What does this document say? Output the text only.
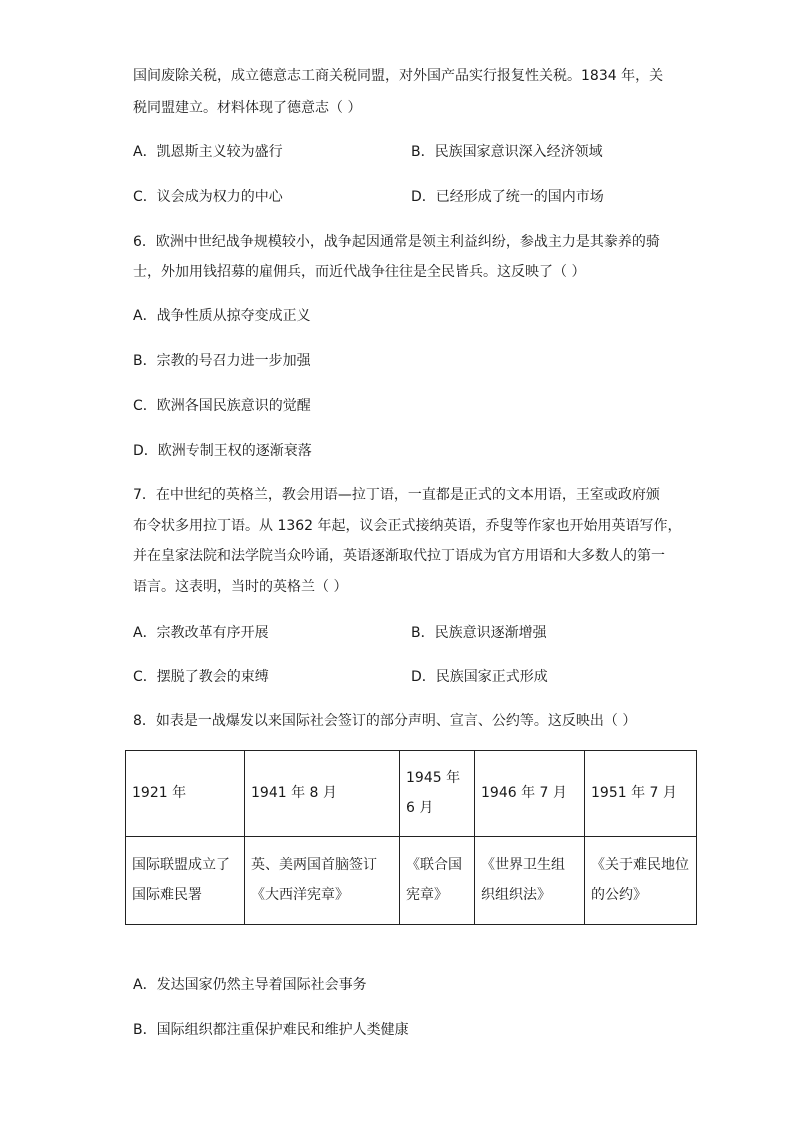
国间废除关税，成立德意志工商关税同盟，对外国产品实行报复性关税。1834 年，关
税同盟建立。材料体现了德意志（ ）
A．凯恩斯主义较为盛行	B．民族国家意识深入经济领域
C．议会成为权力的中心	D．已经形成了统一的国内市场
6．欧洲中世纪战争规模较小，战争起因通常是领主利益纠纷，参战主力是其豢养的骑
士，外加用钱招募的雇佣兵，而近代战争往往是全民皆兵。这反映了（ ）
A．战争性质从掠夺变成正义
B．宗教的号召力进一步加强
C．欧洲各国民族意识的觉醒
D．欧洲专制王权的逐渐衰落
7．在中世纪的英格兰，教会用语—拉丁语，一直都是正式的文本用语，王室或政府颁
布令状多用拉丁语。从 1362 年起，议会正式接纳英语，乔叟等作家也开始用英语写作，
并在皇家法院和法学院当众吟诵，英语逐渐取代拉丁语成为官方用语和大多数人的第一
语言。这表明，当时的英格兰（ ）
A．宗教改革有序开展	B．民族意识逐渐增强
C．摆脱了教会的束缚	D．民族国家正式形成
8．如表是一战爆发以来国际社会签订的部分声明、宣言、公约等。这反映出（ ）
1921 年	1941 年 8 月	1945 年 6 月	1946 年 7 月	1951 年 7 月
国际联盟成立了国际难民署	英、美两国首脑签订《大西洋宪章》	《联合国宪章》	《世界卫生组织组织法》	《关于难民地位的公约》
A．发达国家仍然主导着国际社会事务
B．国际组织都注重保护难民和维护人类健康
